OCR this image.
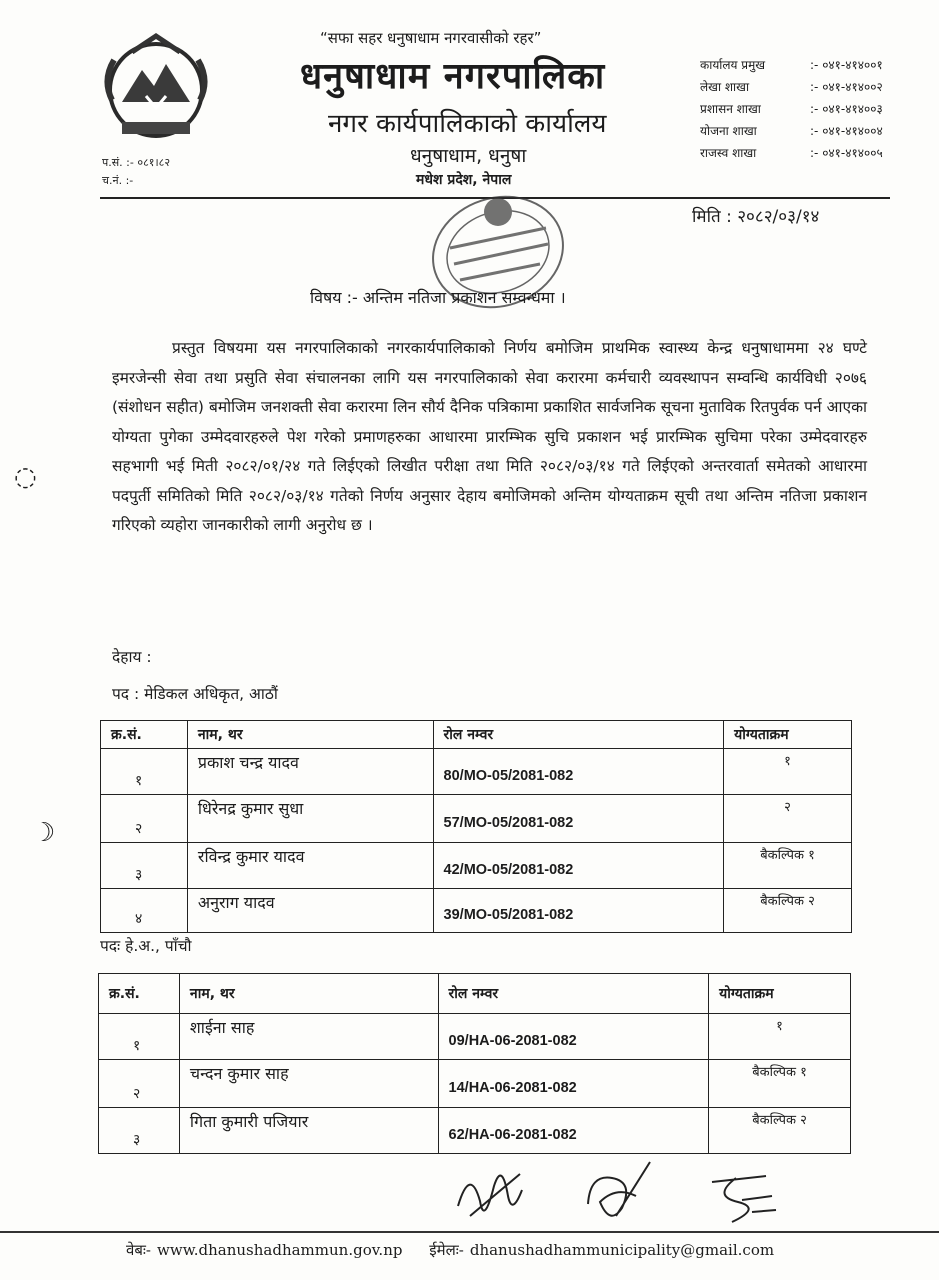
“सफा सहर धनुषाधाम नगरवासीको रहर”
धनुषाधाम नगरपालिका
नगर कार्यपालिकाको कार्यालय
धनुषाधाम, धनुषा
मधेश प्रदेश, नेपाल
प.सं. :- ०८१।८२
च.नं. :-
कार्यालय प्रमुख	:- ०४१-४१४००१
लेखा शाखा	:- ०४१-४१४००२
प्रशासन शाखा	:- ०४१-४१४००३
योजना शाखा	:- ०४१-४१४००४
राजस्व शाखा	:- ०४१-४१४००५
मिति : २०८२/०३/१४
विषय :- अन्तिम नतिजा प्रकाशन सम्वन्धमा ।
प्रस्तुत विषयमा यस नगरपालिकाको नगरकार्यपालिकाको निर्णय बमोजिम प्राथमिक स्वास्थ्य केन्द्र धनुषाधाममा २४ घण्टे इमरजेन्सी सेवा तथा प्रसुति सेवा संचालनका लागि यस नगरपालिकाको सेवा करारमा कर्मचारी व्यवस्थापन सम्वन्धि कार्यविधी २०७६ (संशोधन सहीत) बमोजिम जनशक्ती सेवा करारमा लिन सौर्य दैनिक पत्रिकामा प्रकाशित सार्वजनिक सूचना मुताविक रितपुर्वक पर्न आएका योग्यता पुगेका उम्मेदवारहरुले पेश गरेको प्रमाणहरुका आधारमा प्रारम्भिक सुचि प्रकाशन भई प्रारम्भिक सुचिमा परेका उम्मेदवारहरु सहभागी भई मिती २०८२/०१/२४ गते लिईएको लिखीत परीक्षा तथा मिति २०८२/०३/१४ गते लिईएको अन्तरवार्ता समेतको आधारमा पदपुर्ती समितिको मिति २०८२/०३/१४ गतेको निर्णय अनुसार देहाय बमोजिमको अन्तिम योग्यताक्रम सूची तथा अन्तिम नतिजा प्रकाशन गरिएको व्यहोरा जानकारीको लागी अनुरोध छ ।
◌
☽
देहाय :
पद : मेडिकल अधिकृत, आठौं
क्र.सं.	नाम, थर	रोल नम्वर	योग्यताक्रम
१	प्रकाश चन्द्र यादव	80/MO-05/2081-082	१
२	धिरेनद्र कुमार सुधा	57/MO-05/2081-082	२
३	रविन्द्र कुमार यादव	42/MO-05/2081-082	बैकल्पिक १
४	अनुराग यादव	39/MO-05/2081-082	बैकल्पिक २
पदः हे.अ., पाँचौ
क्र.सं.	नाम, थर	रोल नम्वर	योग्यताक्रम
१	शाईना साह	09/HA-06-2081-082	१
२	चन्दन कुमार साह	14/HA-06-2081-082	बैकल्पिक १
३	गिता कुमारी पजियार	62/HA-06-2081-082	बैकल्पिक २
वेबः- www.dhanushadhammun.gov.np ईमेलः- dhanushadhammunicipality@gmail.com
